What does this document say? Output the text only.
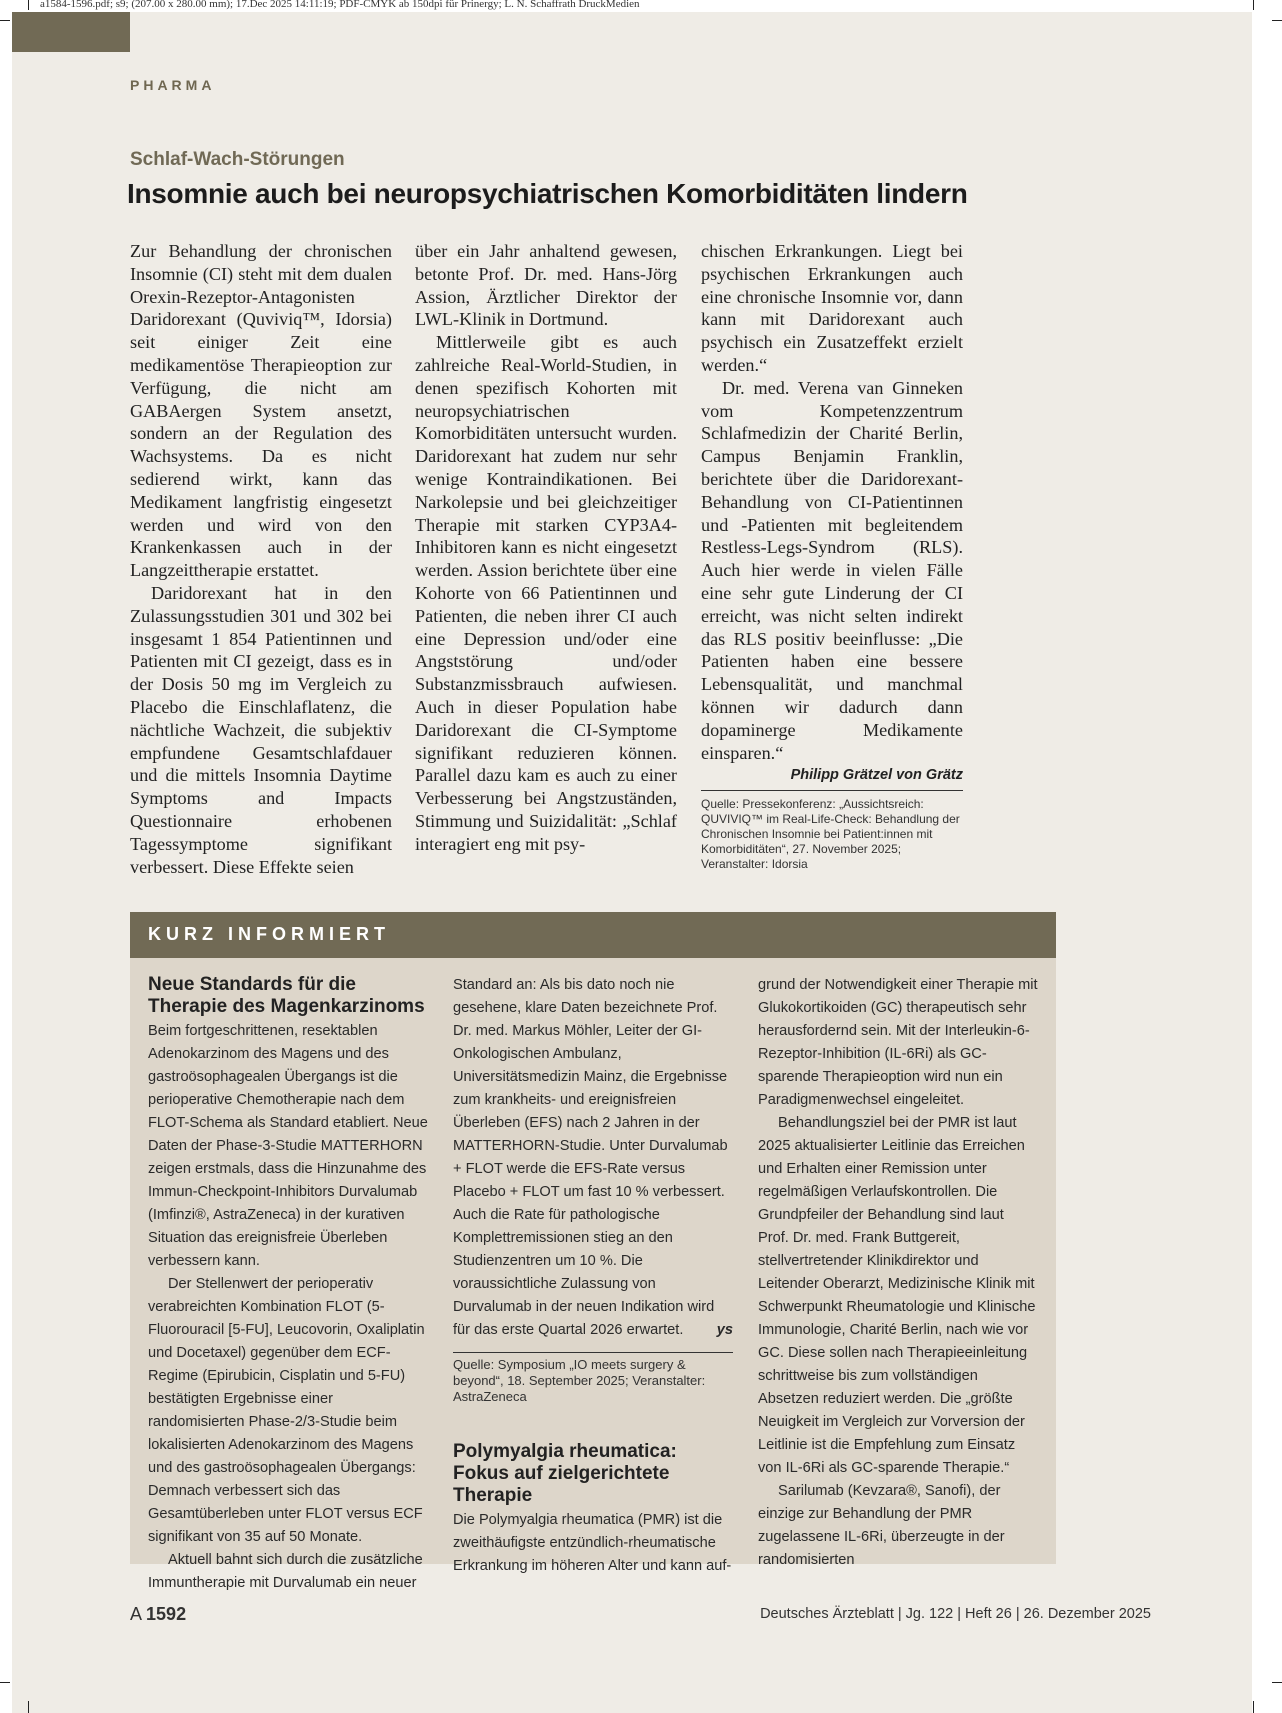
a1584-1596.pdf; s9; (207.00 x 280.00 mm); 17.Dec 2025 14:11:19; PDF-CMYK ab 150dpi für Prinergy; L. N. Schaffrath DruckMedien
PHARMA
Schlaf-Wach-Störungen
Insomnie auch bei neuropsychiatrischen Komorbiditäten lindern

Zur Behandlung der chronischen Insomnie (CI) steht mit dem dualen Orexin-Rezeptor-Antagonisten Daridorexant (Quviviq™, Idorsia) seit einiger Zeit eine medikamentöse Therapieoption zur Verfügung, die nicht am GABAergen System ansetzt, sondern an der Regulation des Wachsystems. Da es nicht sedierend wirkt, kann das Medikament langfristig eingesetzt werden und wird von den Krankenkassen auch in der Langzeittherapie erstattet.

Daridorexant hat in den Zulassungsstudien 301 und 302 bei insgesamt 1 854 Patientinnen und Patienten mit CI gezeigt, dass es in der Dosis 50 mg im Vergleich zu Placebo die Einschlaflatenz, die nächtliche Wachzeit, die subjektiv empfundene Gesamtschlafdauer und die mittels Insomnia Daytime Symptoms and Impacts Questionnaire erhobenen Tagessymptome signifikant verbessert. Diese Effekte seien

über ein Jahr anhaltend gewesen, betonte Prof. Dr. med. Hans-Jörg Assion, Ärztlicher Direktor der LWL-Klinik in Dortmund.

Mittlerweile gibt es auch zahlreiche Real-World-Studien, in denen spezifisch Kohorten mit neuropsychiatrischen Komorbiditäten untersucht wurden. Daridorexant hat zudem nur sehr wenige Kontraindikationen. Bei Narkolepsie und bei gleichzeitiger Therapie mit starken CYP3A4-Inhibitoren kann es nicht eingesetzt werden. Assion berichtete über eine Kohorte von 66 Patientinnen und Patienten, die neben ihrer CI auch eine Depression und/oder eine Angststörung und/oder Substanzmissbrauch aufwiesen. Auch in dieser Population habe Daridorexant die CI-Symptome signifikant reduzieren können. Parallel dazu kam es auch zu einer Verbesserung bei Angstzuständen, Stimmung und Suizidalität: „Schlaf interagiert eng mit psy-

chischen Erkrankungen. Liegt bei psychischen Erkrankungen auch eine chronische Insomnie vor, dann kann mit Daridorexant auch psychisch ein Zusatzeffekt erzielt werden.“

Dr. med. Verena van Ginneken vom Kompetenzzentrum Schlafmedizin der Charité Berlin, Campus Benjamin Franklin, berichtete über die Daridorexant-Behandlung von CI-Patientinnen und -Patienten mit begleitendem Restless-Legs-Syndrom (RLS). Auch hier werde in vielen Fälle eine sehr gute Linderung der CI erreicht, was nicht selten indirekt das RLS positiv beeinflusse: „Die Patienten haben eine bessere Lebensqualität, und manchmal können wir dadurch dann dopaminerge Medikamente einsparen.“

Philipp Grätzel von Grätz
Quelle: Pressekonferenz: „Aussichtsreich: QUVIVIQ™ im Real-Life-Check: Behandlung der Chronischen Insomnie bei Patient:innen mit Komorbiditäten“, 27. November 2025; Veranstalter: Idorsia
KURZ INFORMIERT
Neue Standards für die Therapie des Magenkarzinoms

Beim fortgeschrittenen, resektablen Adenokarzinom des Magens und des gastroösophagealen Übergangs ist die perioperative Chemotherapie nach dem FLOT-Schema als Standard etabliert. Neue Daten der Phase-3-Studie MATTERHORN zeigen erstmals, dass die Hinzunahme des Immun-Checkpoint-Inhibitors Durvalumab (Imfinzi®, AstraZeneca) in der kurativen Situation das ereignisfreie Überleben verbessern kann.

Der Stellenwert der perioperativ verabreichten Kombination FLOT (5-Fluorouracil [5-FU], Leucovorin, Oxaliplatin und Docetaxel) gegenüber dem ECF-Regime (Epirubicin, Cisplatin und 5-FU) bestätigten Ergebnisse einer randomisierten Phase-2/3-Studie beim lokalisierten Adenokarzinom des Magens und des gastroösophagealen Übergangs: Demnach verbessert sich das Gesamtüberleben unter FLOT versus ECF signifikant von 35 auf 50 Monate.

Aktuell bahnt sich durch die zusätzliche Immuntherapie mit Durvalumab ein neuer

Standard an: Als bis dato noch nie gesehene, klare Daten bezeichnete Prof. Dr. med. Markus Möhler, Leiter der GI-Onkologischen Ambulanz, Universitätsmedizin Mainz, die Ergebnisse zum krankheits- und ereignisfreien Überleben (EFS) nach 2 Jahren in der MATTERHORN-Studie. Unter Durvalumab + FLOT werde die EFS-Rate versus Placebo + FLOT um fast 10 % verbessert. Auch die Rate für pathologische Komplettremissionen stieg an den Studienzentren um 10 %. Die voraussichtliche Zulassung von Durvalumab in der neuen Indikation wird für das erste Quartal 2026 erwartet. ys

Quelle: Symposium „IO meets surgery & beyond“, 18. September 2025; Veranstalter: AstraZeneca
Polymyalgia rheumatica: Fokus auf zielgerichtete Therapie

Die Polymyalgia rheumatica (PMR) ist die zweithäufigste entzündlich-rheumatische Erkrankung im höheren Alter und kann auf-

grund der Notwendigkeit einer Therapie mit Glukokortikoiden (GC) therapeutisch sehr herausfordernd sein. Mit der Interleukin-6-Rezeptor-Inhibition (IL-6Ri) als GC-sparende Therapieoption wird nun ein Paradigmenwechsel eingeleitet.

Behandlungsziel bei der PMR ist laut 2025 aktualisierter Leitlinie das Erreichen und Erhalten einer Remission unter regelmäßigen Verlaufskontrollen. Die Grundpfeiler der Behandlung sind laut Prof. Dr. med. Frank Buttgereit, stellvertretender Klinikdirektor und Leitender Oberarzt, Medizinische Klinik mit Schwerpunkt Rheumatologie und Klinische Immunologie, Charité Berlin, nach wie vor GC. Diese sollen nach Therapieeinleitung schrittweise bis zum vollständigen Absetzen reduziert werden. Die „größte Neuigkeit im Vergleich zur Vorversion der Leitlinie ist die Empfehlung zum Einsatz von IL-6Ri als GC-sparende Therapie.“

Sarilumab (Kevzara®, Sanofi), der einzige zur Behandlung der PMR zugelassene IL-6Ri, überzeugte in der randomisierten

A 1592	Deutsches Ärzteblatt | Jg. 122 | Heft 26 | 26. Dezember 2025
